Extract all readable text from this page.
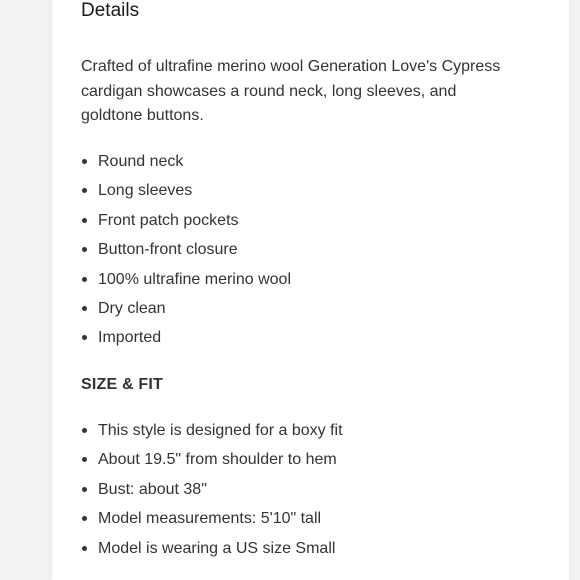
Details

Crafted of ultrafine merino wool Generation Love's Cypress cardigan showcases a round neck, long sleeves, and goldtone buttons.

Round neck
Long sleeves
Front patch pockets
Button-front closure
100% ultrafine merino wool
Dry clean
Imported
SIZE & FIT
This style is designed for a boxy fit
About 19.5" from shoulder to hem
Bust: about 38"
Model measurements: 5'10" tall
Model is wearing a US size Small
